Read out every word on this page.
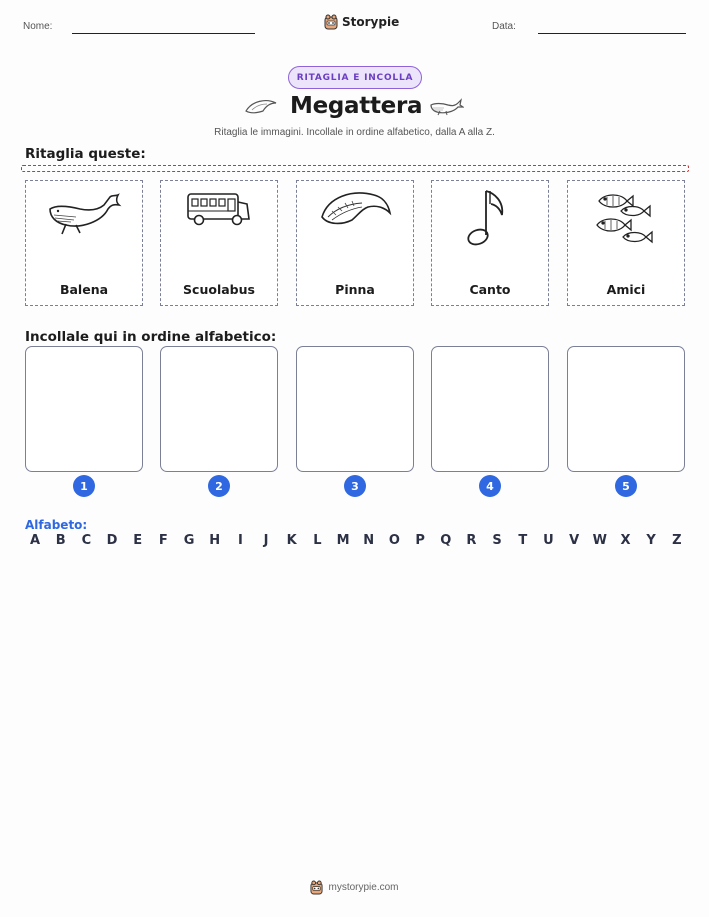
Nome:	Storypie	Data:
RITAGLIA E INCOLLA
Megattera
Ritaglia le immagini. Incollale in ordine alfabetico, dalla A alla Z.
Ritaglia queste:
Balena	Scuolabus	Pinna	Canto	Amici
Incollale qui in ordine alfabetico:
1	2	3	4	5
Alfabeto:
A	B	C	D	E	F	G H	I	J	K	L	M N O	P	Q	R	S	T	U	V	W	X	Y	Z
mystorypie.com
